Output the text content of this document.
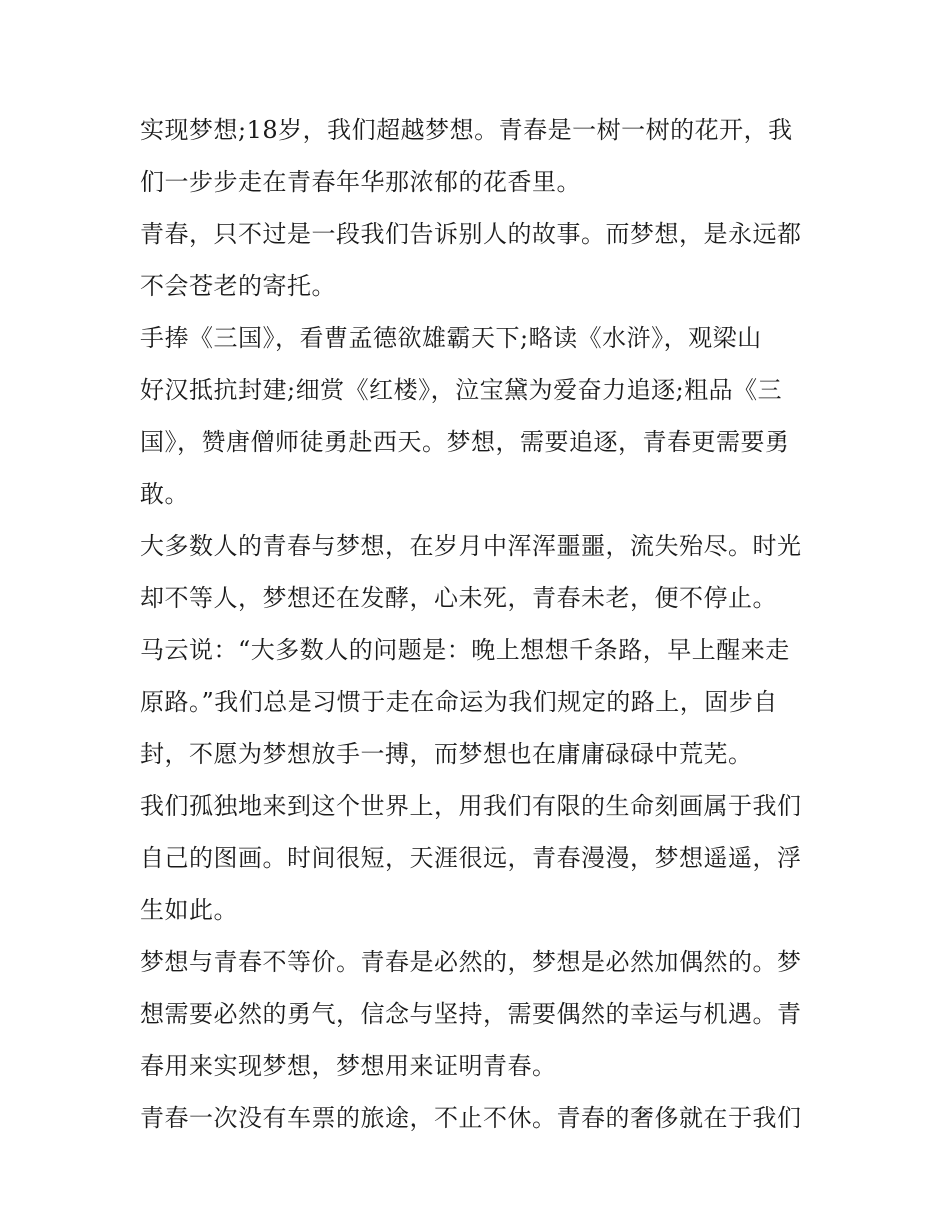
实现梦想;18岁，我们超越梦想。青春是一树一树的花开，我
们一步步走在青春年华那浓郁的花香里。

青春，只不过是一段我们告诉别人的故事。而梦想，是永远都
不会苍老的寄托。

手捧《三国》，看曹孟德欲雄霸天下;略读《水浒》，观梁山
好汉抵抗封建;细赏《红楼》，泣宝黛为爱奋力追逐;粗品《三
国》，赞唐僧师徒勇赴西天。梦想，需要追逐，青春更需要勇
敢。

大多数人的青春与梦想，在岁月中浑浑噩噩，流失殆尽。时光
却不等人，梦想还在发酵，心未死，青春未老，便不停止。

马云说：“大多数人的问题是：晚上想想千条路，早上醒来走
原路。”我们总是习惯于走在命运为我们规定的路上，固步自
封，不愿为梦想放手一搏，而梦想也在庸庸碌碌中荒芜。

我们孤独地来到这个世界上，用我们有限的生命刻画属于我们
自己的图画。时间很短，天涯很远，青春漫漫，梦想遥遥，浮
生如此。

梦想与青春不等价。青春是必然的，梦想是必然加偶然的。梦
想需要必然的勇气，信念与坚持，需要偶然的幸运与机遇。青
春用来实现梦想，梦想用来证明青春。

青春一次没有车票的旅途，不止不休。青春的奢侈就在于我们
